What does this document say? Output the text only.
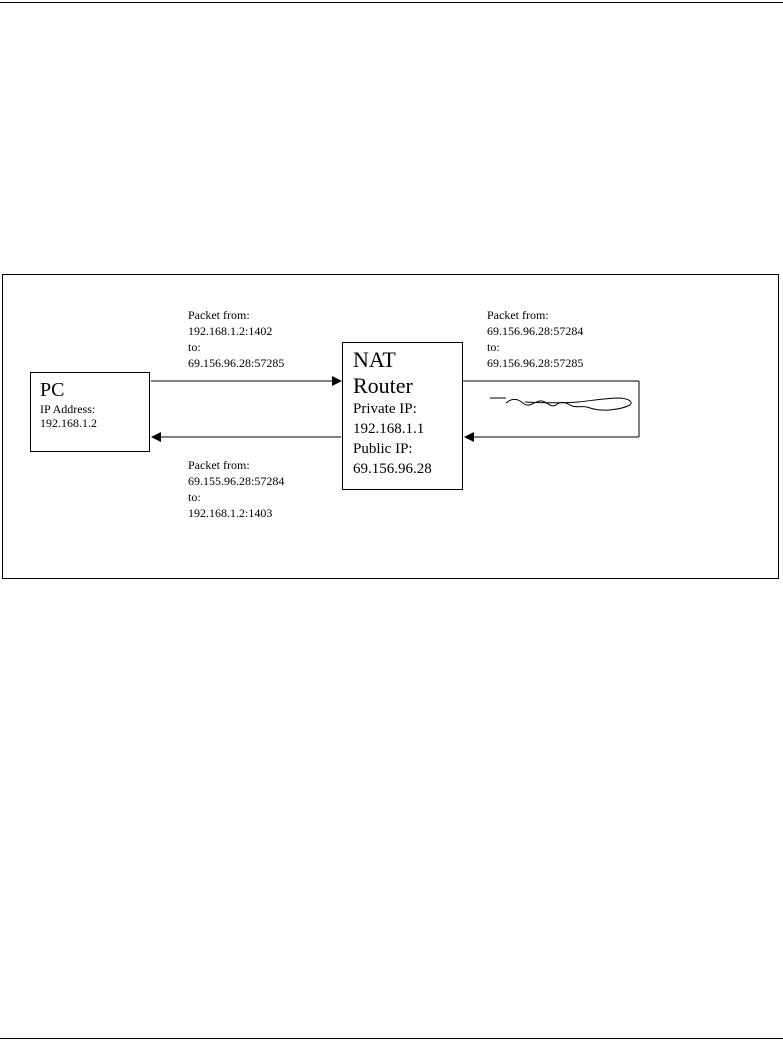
PC
IP Address:
192.168.1.2
NAT
Router
Private IP:
192.168.1.1
Public IP:
69.156.96.28
Packet from:
192.168.1.2:1402
to:
69.156.96.28:57285
Packet from:
69.155.96.28:57284
to:
192.168.1.2:1403
Packet from:
69.156.96.28:57284
to:
69.156.96.28:57285
